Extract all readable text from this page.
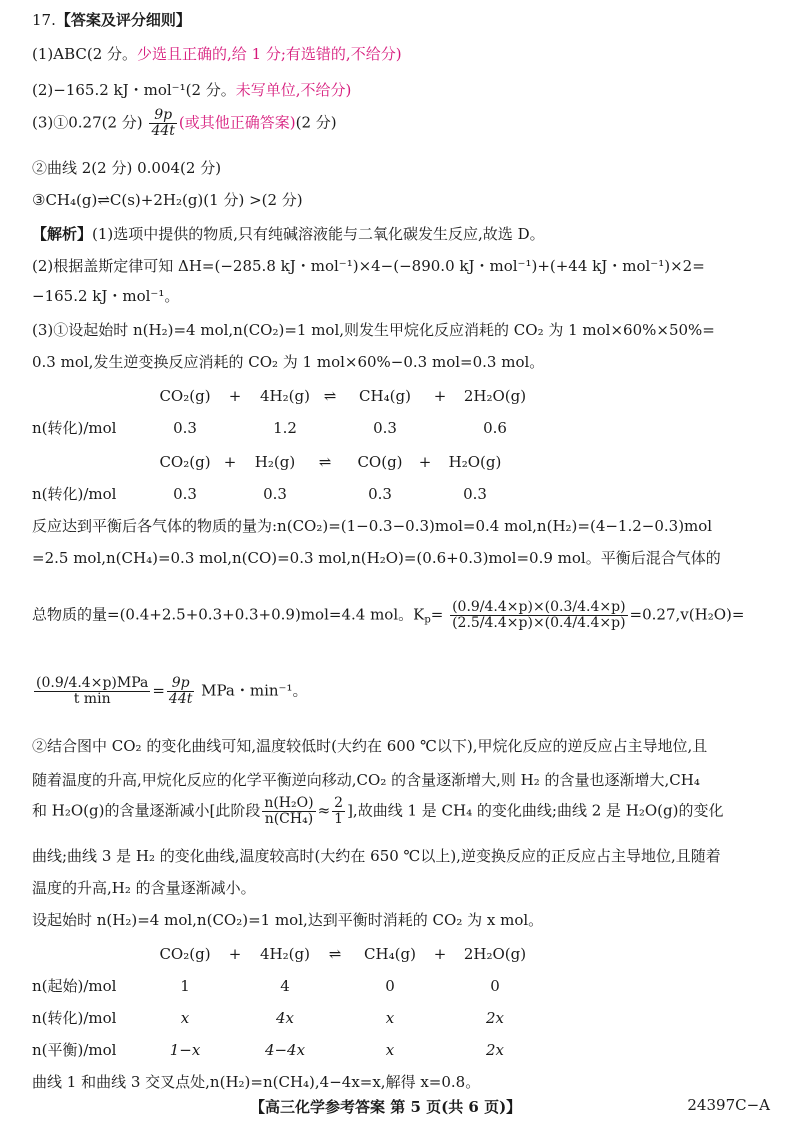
17.【答案及评分细则】
(1)ABC(2 分。少选且正确的,给 1 分;有选错的,不给分)
(2)−165.2 kJ・mol⁻¹(2 分。未写单位,不给分)
(3)①0.27(2 分) $\frac{9p}{44t}$ (或其他正确答案)(2 分)
②曲线 2(2 分) 0.004(2 分)
③CH₄(g)⇌C(s)+2H₂(g)(1 分) >(2 分)
【解析】(1)选项中提供的物质,只有纯碱溶液能与二氧化碳发生反应,故选 D。
(2)根据盖斯定律可知 ΔH=(−285.8 kJ・mol⁻¹)×4−(−890.0 kJ・mol⁻¹)+(+44 kJ・mol⁻¹)×2=
−165.2 kJ・mol⁻¹。
(3)①设起始时 n(H₂)=4 mol,n(CO₂)=1 mol,则发生甲烷化反应消耗的 CO₂ 为 1 mol×60%×50%=
0.3 mol,发生逆变换反应消耗的 CO₂ 为 1 mol×60%−0.3 mol=0.3 mol。
CO₂(g)	+	4H₂(g) ⇌	CH₄(g)	+	2H₂O(g)
n(转化)/mol	0.3	1.2	0.3	0.6
CO₂(g) +	H₂(g)	⇌	CO(g)	+	H₂O(g)
n(转化)/mol	0.3	0.3	0.3	0.3
反应达到平衡后各气体的物质的量为:n(CO₂)=(1−0.3−0.3)mol=0.4 mol,n(H₂)=(4−1.2−0.3)mol
=2.5 mol,n(CH₄)=0.3 mol,n(CO)=0.3 mol,n(H₂O)=(0.6+0.3)mol=0.9 mol。平衡后混合气体的
总物质的量=(0.4+2.5+0.3+0.3+0.9)mol=4.4 mol。$K_p= \frac{(0.9/4.4\times p)\times(0.3/4.4\times p)}{(2.5/4.4\times p)\times(0.4/4.4\times p)} =0.27,v(H_2O)=$
(0.9/4.4×p)MPa
t min	= $\frac{9p}{44t}$ MPa・min⁻¹。
②结合图中 CO₂ 的变化曲线可知,温度较低时(大约在 600 ℃以下),甲烷化反应的逆反应占主导地位,且
随着温度的升高,甲烷化反应的化学平衡逆向移动,CO₂ 的含量逐渐增大,则 H₂ 的含量也逐渐增大,CH₄
和 H₂O(g)的含量逐渐减小[此阶段 $\frac{\text{n(H₂O)}}{\text{n(CH₄)}} \approx \frac{2}{1}$ ],故曲线 1 是 CH₄ 的变化曲线;曲线 2 是 H₂O(g)的变化
曲线;曲线 3 是 H₂ 的变化曲线,温度较高时(大约在 650 ℃以上),逆变换反应的正反应占主导地位,且随着
温度的升高,H₂ 的含量逐渐减小。
设起始时 n(H₂)=4 mol,n(CO₂)=1 mol,达到平衡时消耗的 CO₂ 为 x mol。
CO₂(g)	+	4H₂(g)	⇌	CH₄(g)	+	2H₂O(g)
n(起始)/mol	1	4	0	0
n(转化)/mol	x	4x	x	2x
n(平衡)/mol	1−x	4−4x	x	2x
曲线 1 和曲线 3 交叉点处,n(H₂)=n(CH₄),4−4x=x,解得 x=0.8。
【高三化学参考答案 第 5 页(共 6 页)】	24397C−A
